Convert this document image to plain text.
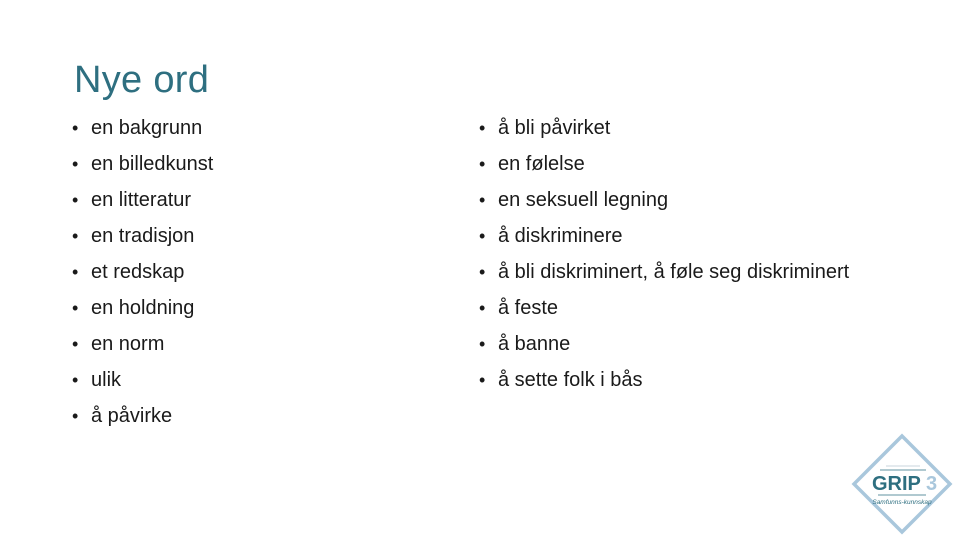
Nye ord
• en bakgrunn
• en billedkunst
• en litteratur
• en tradisjon
• et redskap
• en holdning
• en norm
• ulik
• å påvirke
• å bli påvirket
• en følelse
• en seksuell legning
• å diskriminere
• å bli diskriminert, å føle seg diskriminert
• å feste
• å banne
• å sette folk i bås
GRIP 3
Samfunns-kunnskap
